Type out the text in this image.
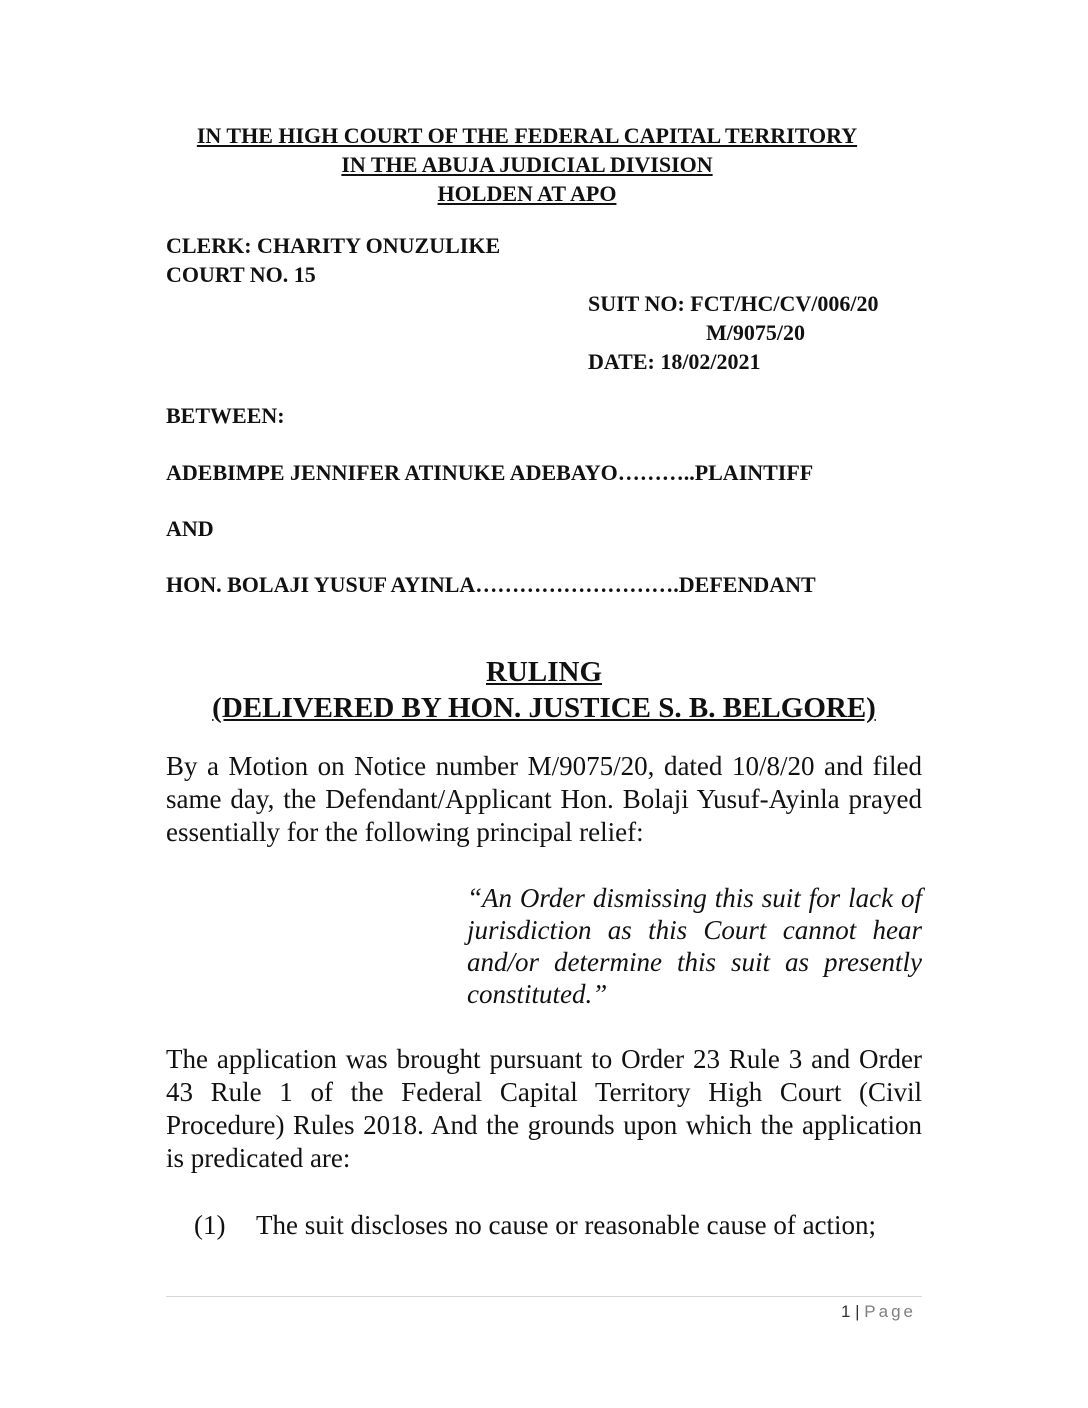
IN THE HIGH COURT OF THE FEDERAL CAPITAL TERRITORY
IN THE ABUJA JUDICIAL DIVISION
HOLDEN AT APO
CLERK: CHARITY ONUZULIKE
COURT NO. 15
SUIT NO: FCT/HC/CV/006/20
M/9075/20
DATE: 18/02/2021
BETWEEN:
ADEBIMPE JENNIFER ATINUKE ADEBAYO………..PLAINTIFF
AND
HON. BOLAJI YUSUF AYINLA……………………….DEFENDANT
RULING
(DELIVERED BY HON. JUSTICE S. B. BELGORE)
By a Motion on Notice number M/9075/20, dated 10/8/20 and filed same day, the Defendant/Applicant Hon. Bolaji Yusuf-Ayinla prayed essentially for the following principal relief:
“An Order dismissing this suit for lack of jurisdiction as this Court cannot hear and/or determine this suit as presently constituted.”
The application was brought pursuant to Order 23 Rule 3 and Order 43 Rule 1 of the Federal Capital Territory High Court (Civil Procedure) Rules 2018. And the grounds upon which the application is predicated are:
(1)	The suit discloses no cause or reasonable cause of action;
1 | Page
